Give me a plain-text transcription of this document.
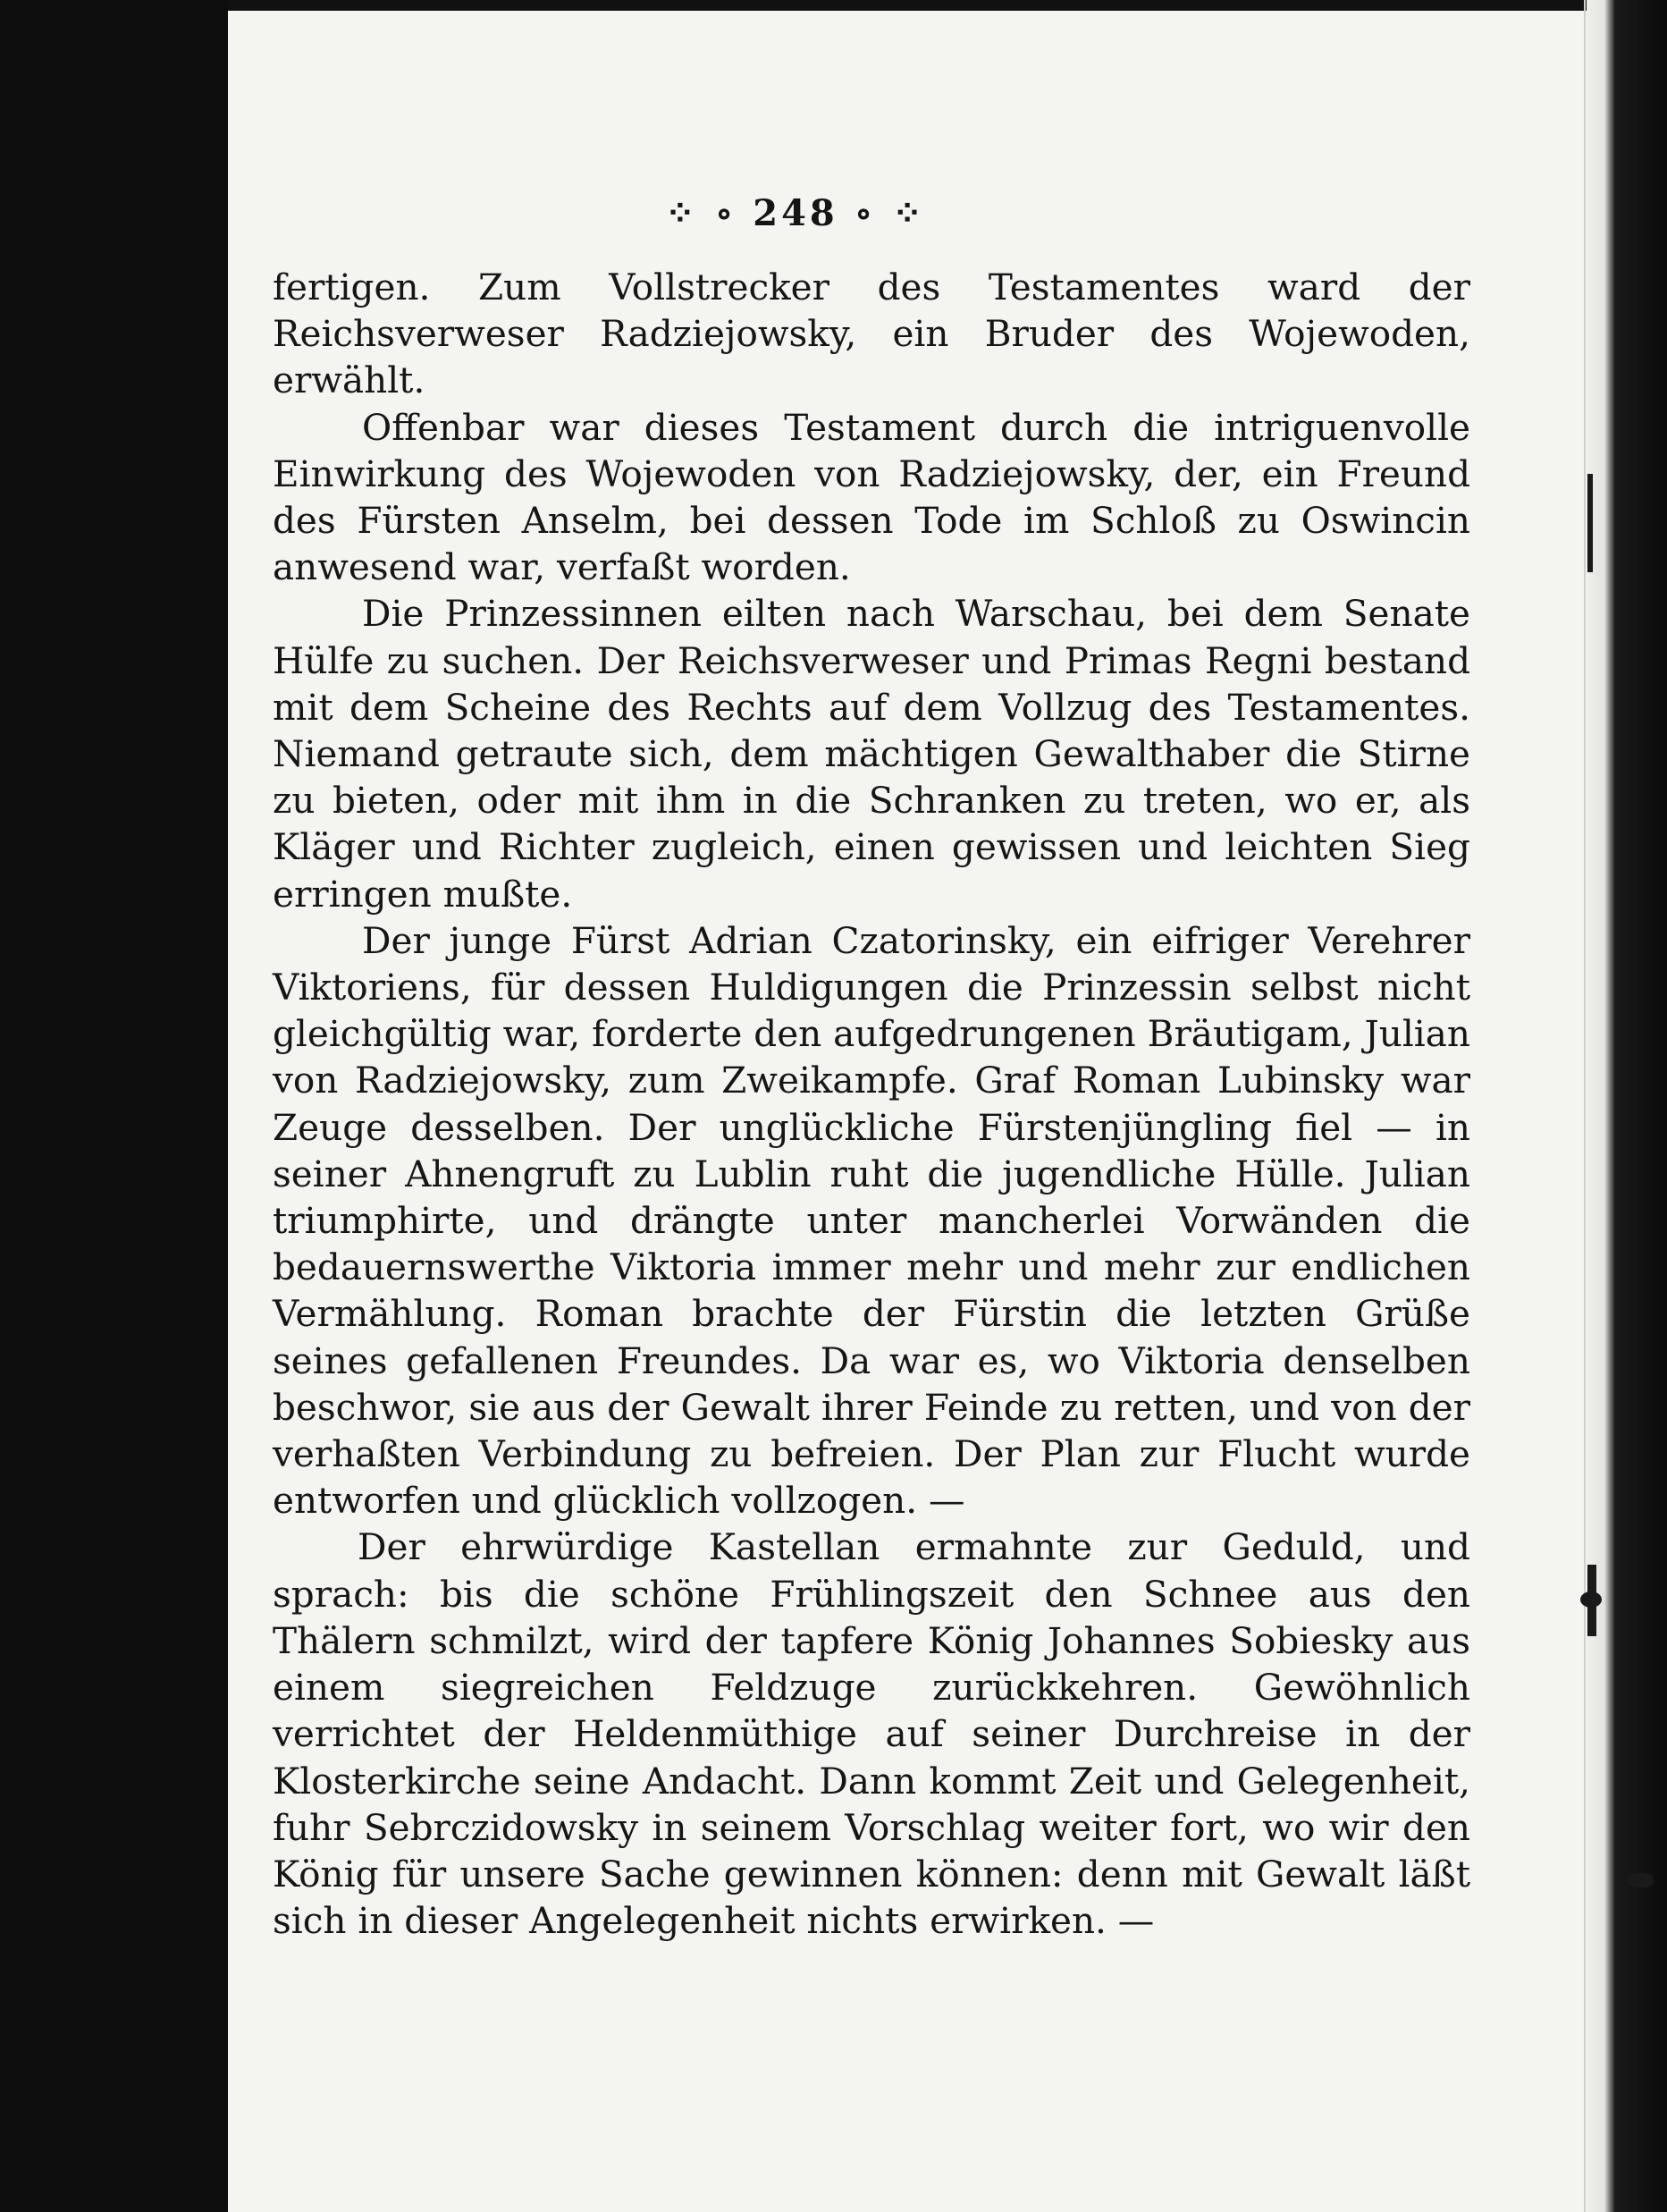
⁘ ∘ 248 ∘ ⁘

fertigen. Zum Vollstrecker des Testamentes ward der Reichsverweser Radziejowsky, ein Bruder des Wojewoden, erwählt.

Offenbar war dieses Testament durch die intriguenvolle Einwirkung des Wojewoden von Radziejowsky, der, ein Freund des Fürsten Anselm, bei dessen Tode im Schloß zu Oswincin anwesend war, verfaßt worden.

Die Prinzessinnen eilten nach Warschau, bei dem Senate Hülfe zu suchen. Der Reichsverweser und Primas Regni bestand mit dem Scheine des Rechts auf dem Vollzug des Testamentes. Niemand getraute sich, dem mächtigen Gewalthaber die Stirne zu bieten, oder mit ihm in die Schranken zu treten, wo er, als Kläger und Richter zugleich, einen gewissen und leichten Sieg erringen mußte.

Der junge Fürst Adrian Czatorinsky, ein eifriger Verehrer Viktoriens, für dessen Huldigungen die Prinzessin selbst nicht gleichgültig war, forderte den aufgedrungenen Bräutigam, Julian von Radziejowsky, zum Zweikampfe. Graf Roman Lubinsky war Zeuge desselben. Der unglückliche Fürstenjüngling fiel — in seiner Ahnengruft zu Lublin ruht die jugendliche Hülle. Julian triumphirte, und drängte unter mancherlei Vorwänden die bedauernswerthe Viktoria immer mehr und mehr zur endlichen Vermählung. Roman brachte der Fürstin die letzten Grüße seines gefallenen Freundes. Da war es, wo Viktoria denselben beschwor, sie aus der Gewalt ihrer Feinde zu retten, und von der verhaßten Verbindung zu befreien. Der Plan zur Flucht wurde entworfen und glücklich vollzogen. —

Der ehrwürdige Kastellan ermahnte zur Geduld, und sprach: bis die schöne Frühlingszeit den Schnee aus den Thälern schmilzt, wird der tapfere König Johannes Sobiesky aus einem siegreichen Feldzuge zurückkehren. Gewöhnlich verrichtet der Heldenmüthige auf seiner Durchreise in der Klosterkirche seine Andacht. Dann kommt Zeit und Gelegenheit, fuhr Sebrczidowsky in seinem Vorschlag weiter fort, wo wir den König für unsere Sache gewinnen können: denn mit Gewalt läßt sich in dieser Angelegenheit nichts erwirken. —
